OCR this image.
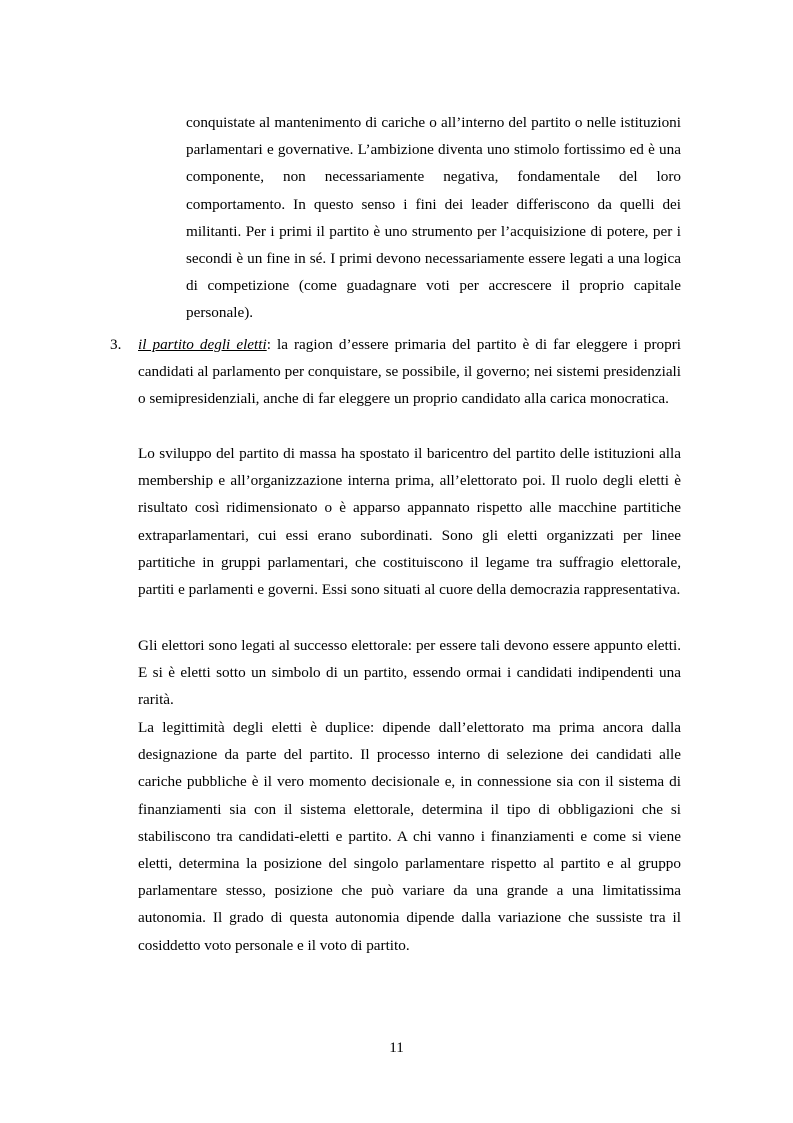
conquistate al mantenimento di cariche o all’interno del partito o nelle istituzioni parlamentari e governative. L’ambizione diventa uno stimolo fortissimo ed è una componente, non necessariamente negativa, fondamentale del loro comportamento. In questo senso i fini dei leader differiscono da quelli dei militanti. Per i primi il partito è uno strumento per l’acquisizione di potere, per i secondi è un fine in sé. I primi devono necessariamente essere legati a una logica di competizione (come guadagnare voti per accrescere il proprio capitale personale).

3. il partito degli eletti: la ragion d’essere primaria del partito è di far eleggere i propri candidati al parlamento per conquistare, se possibile, il governo; nei sistemi presidenziali o semipresidenziali, anche di far eleggere un proprio candidato alla carica monocratica.

Lo sviluppo del partito di massa ha spostato il baricentro del partito delle istituzioni alla membership e all’organizzazione interna prima, all’elettorato poi. Il ruolo degli eletti è risultato così ridimensionato o è apparso appannato rispetto alle macchine partitiche extraparlamentari, cui essi erano subordinati. Sono gli eletti organizzati per linee partitiche in gruppi parlamentari, che costituiscono il legame tra suffragio elettorale, partiti e parlamenti e governi. Essi sono situati al cuore della democrazia rappresentativa.

Gli elettori sono legati al successo elettorale: per essere tali devono essere appunto eletti. E si è eletti sotto un simbolo di un partito, essendo ormai i candidati indipendenti una rarità.

La legittimità degli eletti è duplice: dipende dall’elettorato ma prima ancora dalla designazione da parte del partito. Il processo interno di selezione dei candidati alle cariche pubbliche è il vero momento decisionale e, in connessione sia con il sistema di finanziamenti sia con il sistema elettorale, determina il tipo di obbligazioni che si stabiliscono tra candidati-eletti e partito. A chi vanno i finanziamenti e come si viene eletti, determina la posizione del singolo parlamentare rispetto al partito e al gruppo parlamentare stesso, posizione che può variare da una grande a una limitatissima autonomia. Il grado di questa autonomia dipende dalla variazione che sussiste tra il cosiddetto voto personale e il voto di partito.

11
